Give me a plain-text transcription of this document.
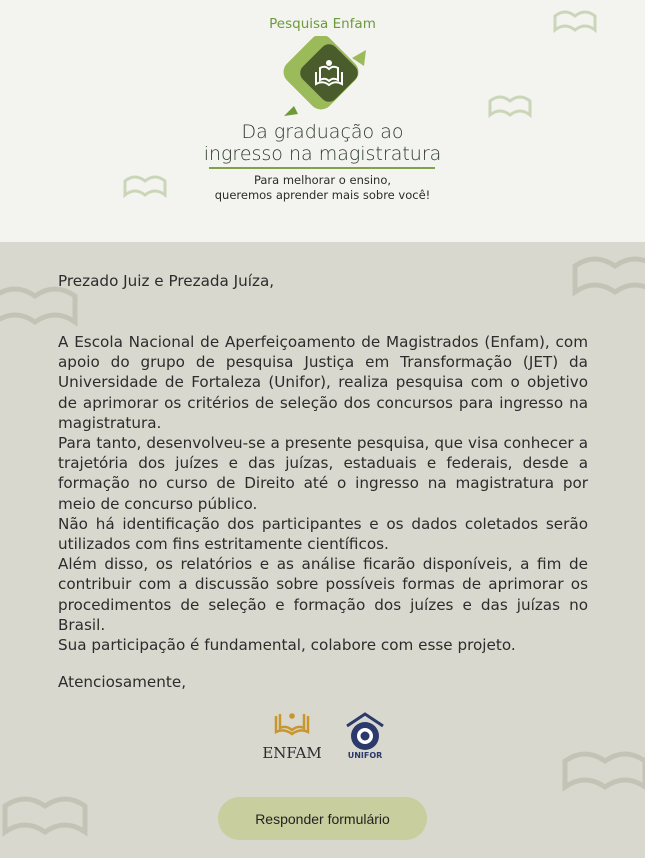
Pesquisa Enfam
Da graduação ao
ingresso na magistratura
Para melhorar o ensino,
queremos aprender mais sobre você!
Prezado Juiz e Prezada Juíza,

A Escola Nacional de Aperfeiçoamento de Magistrados (Enfam), com apoio do grupo de pesquisa Justiça em Transformação (JET) da Universidade de Fortaleza (Unifor), realiza pesquisa com o objetivo de aprimorar os critérios de seleção dos concursos para ingresso na magistratura.

Para tanto, desenvolveu-se a presente pesquisa, que visa conhecer a trajetória dos juízes e das juízas, estaduais e federais, desde a formação no curso de Direito até o ingresso na magistratura por meio de concurso público.

Não há identificação dos participantes e os dados coletados serão utilizados com fins estritamente científicos.

Além disso, os relatórios e as análise ficarão disponíveis, a fim de contribuir com a discussão sobre possíveis formas de aprimorar os procedimentos de seleção e formação dos juízes e das juízas no Brasil.

Sua participação é fundamental, colabore com esse projeto.

Atenciosamente,
ENFAM	UNIFOR
Responder formulário
